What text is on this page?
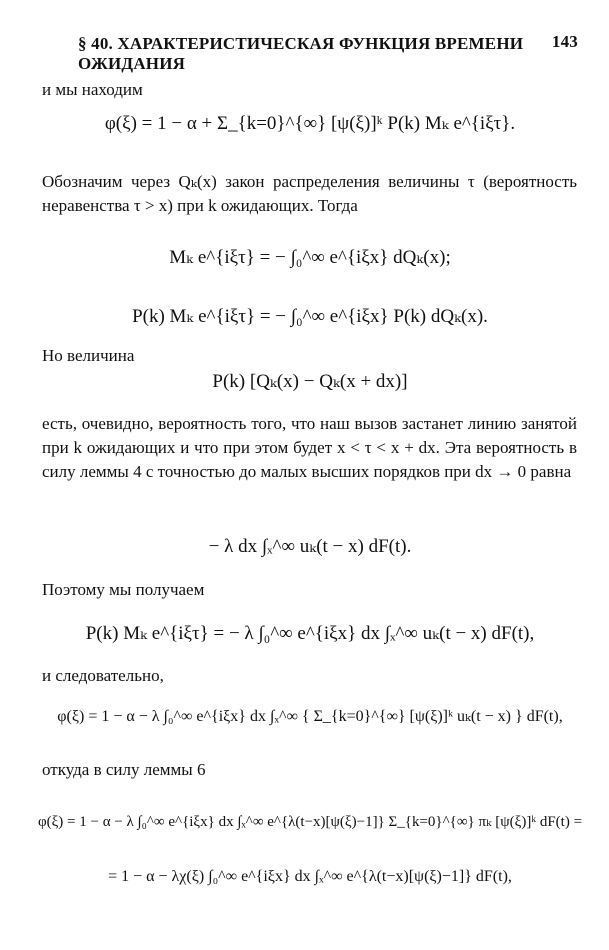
§ 40. ХАРАКТЕРИСТИЧЕСКАЯ ФУНКЦИЯ ВРЕМЕНИ ОЖИДАНИЯ
143
и мы находим
φ(ξ) = 1 − α + Σ_{k=0}^{∞} [ψ(ξ)]ᵏ P(k) Mₖ e^{iξτ}.
Обозначим через Qₖ(x) закон распределения величины τ (вероятность неравенства τ > x) при k ожидающих. Тогда
Mₖ e^{iξτ} = − ∫₀^∞ e^{iξx} dQₖ(x);
P(k) Mₖ e^{iξτ} = − ∫₀^∞ e^{iξx} P(k) dQₖ(x).
Но величина
P(k) [Qₖ(x) − Qₖ(x + dx)]
есть, очевидно, вероятность того, что наш вызов застанет линию занятой при k ожидающих и что при этом будет x < τ < x + dx. Эта вероятность в силу леммы 4 с точностью до малых высших порядков при dx → 0 равна
− λ dx ∫ₓ^∞ uₖ(t − x) dF(t).
Поэтому мы получаем
P(k) Mₖ e^{iξτ} = − λ ∫₀^∞ e^{iξx} dx ∫ₓ^∞ uₖ(t − x) dF(t),
и следовательно,
φ(ξ) = 1 − α − λ ∫₀^∞ e^{iξx} dx ∫ₓ^∞ { Σ_{k=0}^{∞} [ψ(ξ)]ᵏ uₖ(t − x) } dF(t),
откуда в силу леммы 6
φ(ξ) = 1 − α − λ ∫₀^∞ e^{iξx} dx ∫ₓ^∞ e^{λ(t−x)[ψ(ξ)−1]} Σ_{k=0}^{∞} πₖ [ψ(ξ)]ᵏ dF(t) =
= 1 − α − λχ(ξ) ∫₀^∞ e^{iξx} dx ∫ₓ^∞ e^{λ(t−x)[ψ(ξ)−1]} dF(t),
